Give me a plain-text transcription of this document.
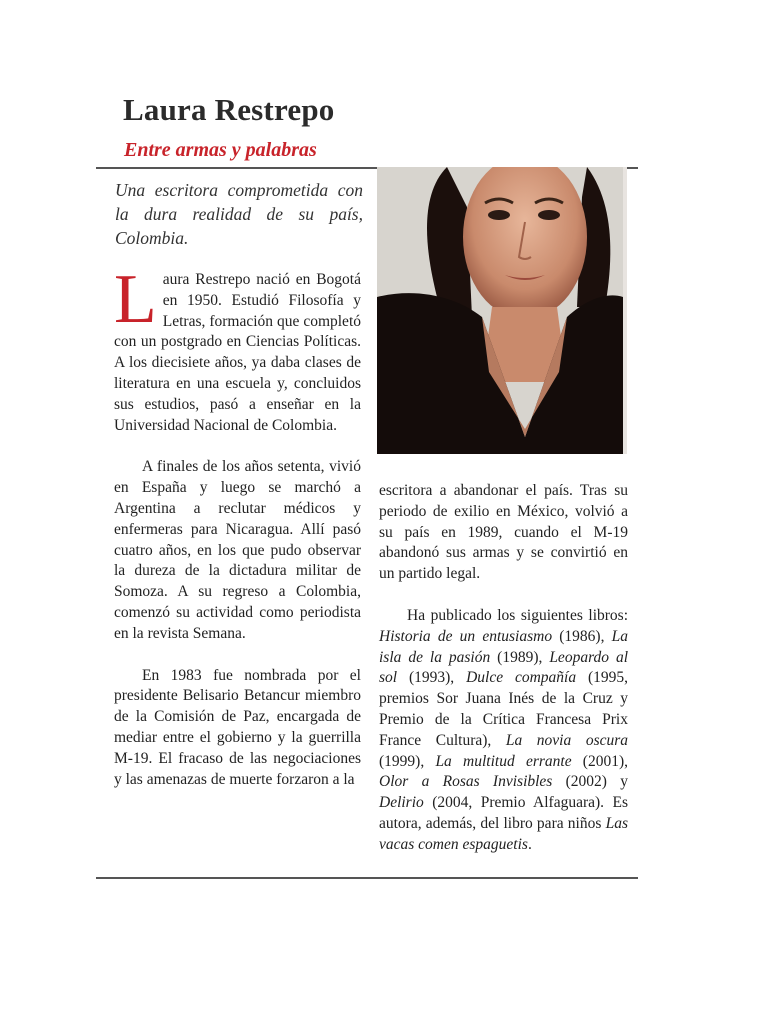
Laura Restrepo
Entre armas y palabras
Una escritora comprometida con la dura realidad de su país, Colombia.

Laura Restrepo nació en Bogotá en 1950. Estudió Filosofía y Letras, formación que completó con un postgrado en Ciencias Políticas. A los diecisiete años, ya daba clases de literatura en una escuela y, concluidos sus estudios, pasó a enseñar en la Universidad Nacional de Colombia.

A finales de los años setenta, vivió en España y luego se marchó a Argentina a reclutar médicos y enfermeras para Nicaragua. Allí pasó cuatro años, en los que pudo observar la dureza de la dictadura militar de Somoza. A su regreso a Colombia, comenzó su actividad como periodista en la revista Semana.

En 1983 fue nombrada por el presidente Belisario Betancur miembro de la Comisión de Paz, encargada de mediar entre el gobierno y la guerrilla M-19. El fracaso de las negociaciones y las amenazas de muerte forzaron a la

escritora a abandonar el país. Tras su periodo de exilio en México, volvió a su país en 1989, cuando el M-19 abandonó sus armas y se convirtió en un partido legal.

Ha publicado los siguientes libros: Historia de un entusiasmo (1986), La isla de la pasión (1989), Leopardo al sol (1993), Dulce compañía (1995, premios Sor Juana Inés de la Cruz y Premio de la Crítica Francesa Prix France Cultura), La novia oscura (1999), La multitud errante (2001), Olor a Rosas Invisibles (2002) y Delirio (2004, Premio Alfaguara). Es autora, además, del libro para niños Las vacas comen espaguetis.
